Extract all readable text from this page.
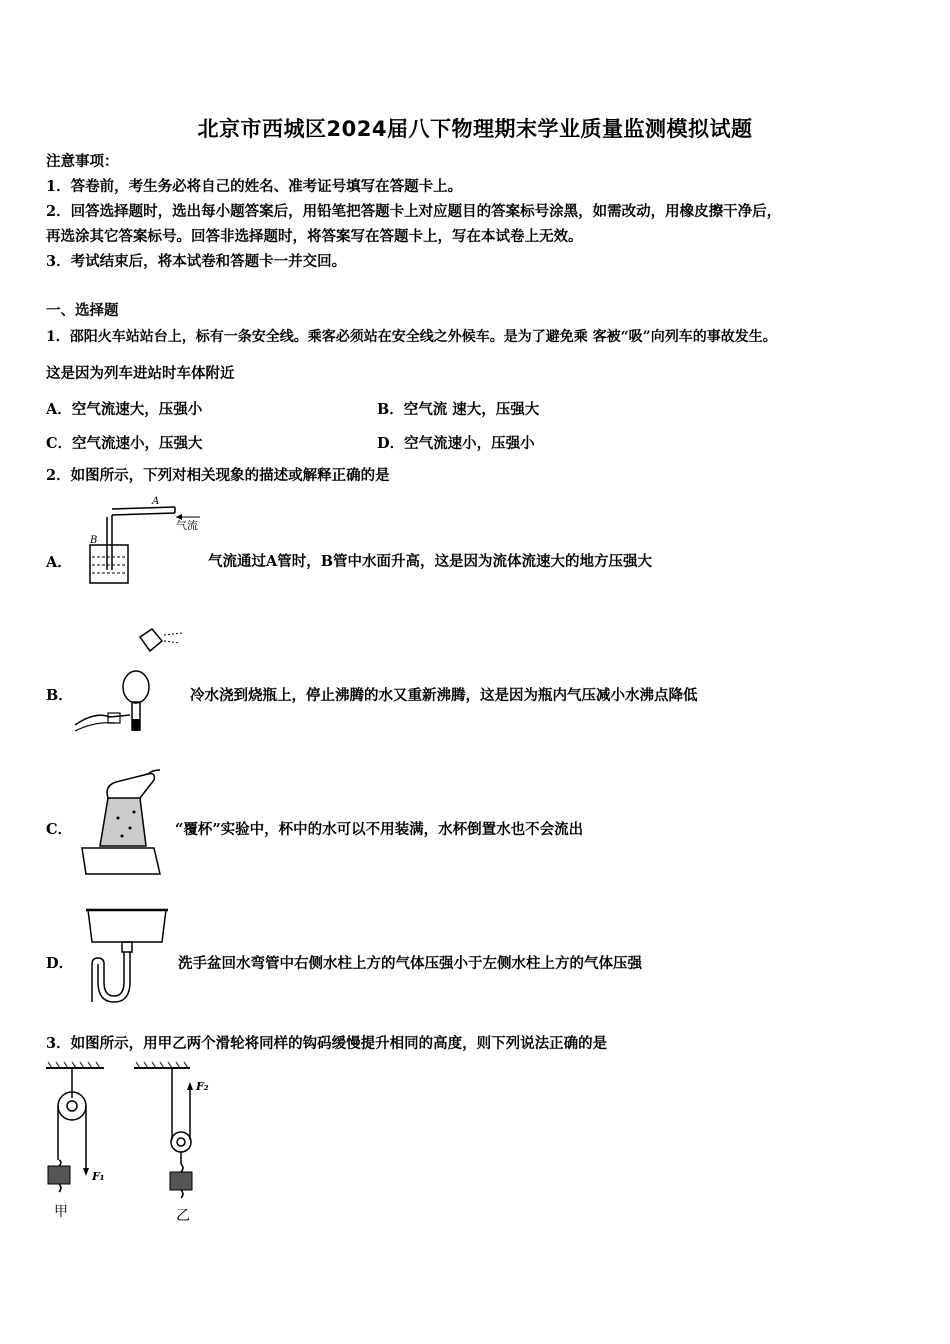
北京市西城区2024届八下物理期末学业质量监测模拟试题
注意事项：
1．答卷前，考生务必将自己的姓名、准考证号填写在答题卡上。
2．回答选择题时，选出每小题答案后，用铅笔把答题卡上对应题目的答案标号涂黑，如需改动，用橡皮擦干净后，
再选涂其它答案标号。回答非选择题时，将答案写在答题卡上，写在本试卷上无效。
3．考试结束后，将本试卷和答题卡一并交回。
一、选择题
1．邵阳火车站站台上，标有一条安全线。乘客必须站在安全线之外候车。是为了避免乘 客被“吸”向列车的事故发生。
这是因为列车进站时车体附近
A．空气流速大，压强小	B．空气流 速大，压强大
C．空气流速小，压强大	D．空气流速小，压强小
2．如图所示，下列对相关现象的描述或解释正确的是
A．
A
B
气流
气流通过A管时，B管中水面升高，这是因为流体流速大的地方压强大
B．	冷水浇到烧瓶上，停止沸腾的水又重新沸腾，这是因为瓶内气压减小水沸点降低
C．	“覆杯”实验中，杯中的水可以不用装满，水杯倒置水也不会流出
D．	洗手盆回水弯管中右侧水柱上方的气体压强小于左侧水柱上方的气体压强
3．如图所示，用甲乙两个滑轮将同样的钩码缓慢提升相同的高度，则下列说法正确的是
F₁
甲
F₂
乙
